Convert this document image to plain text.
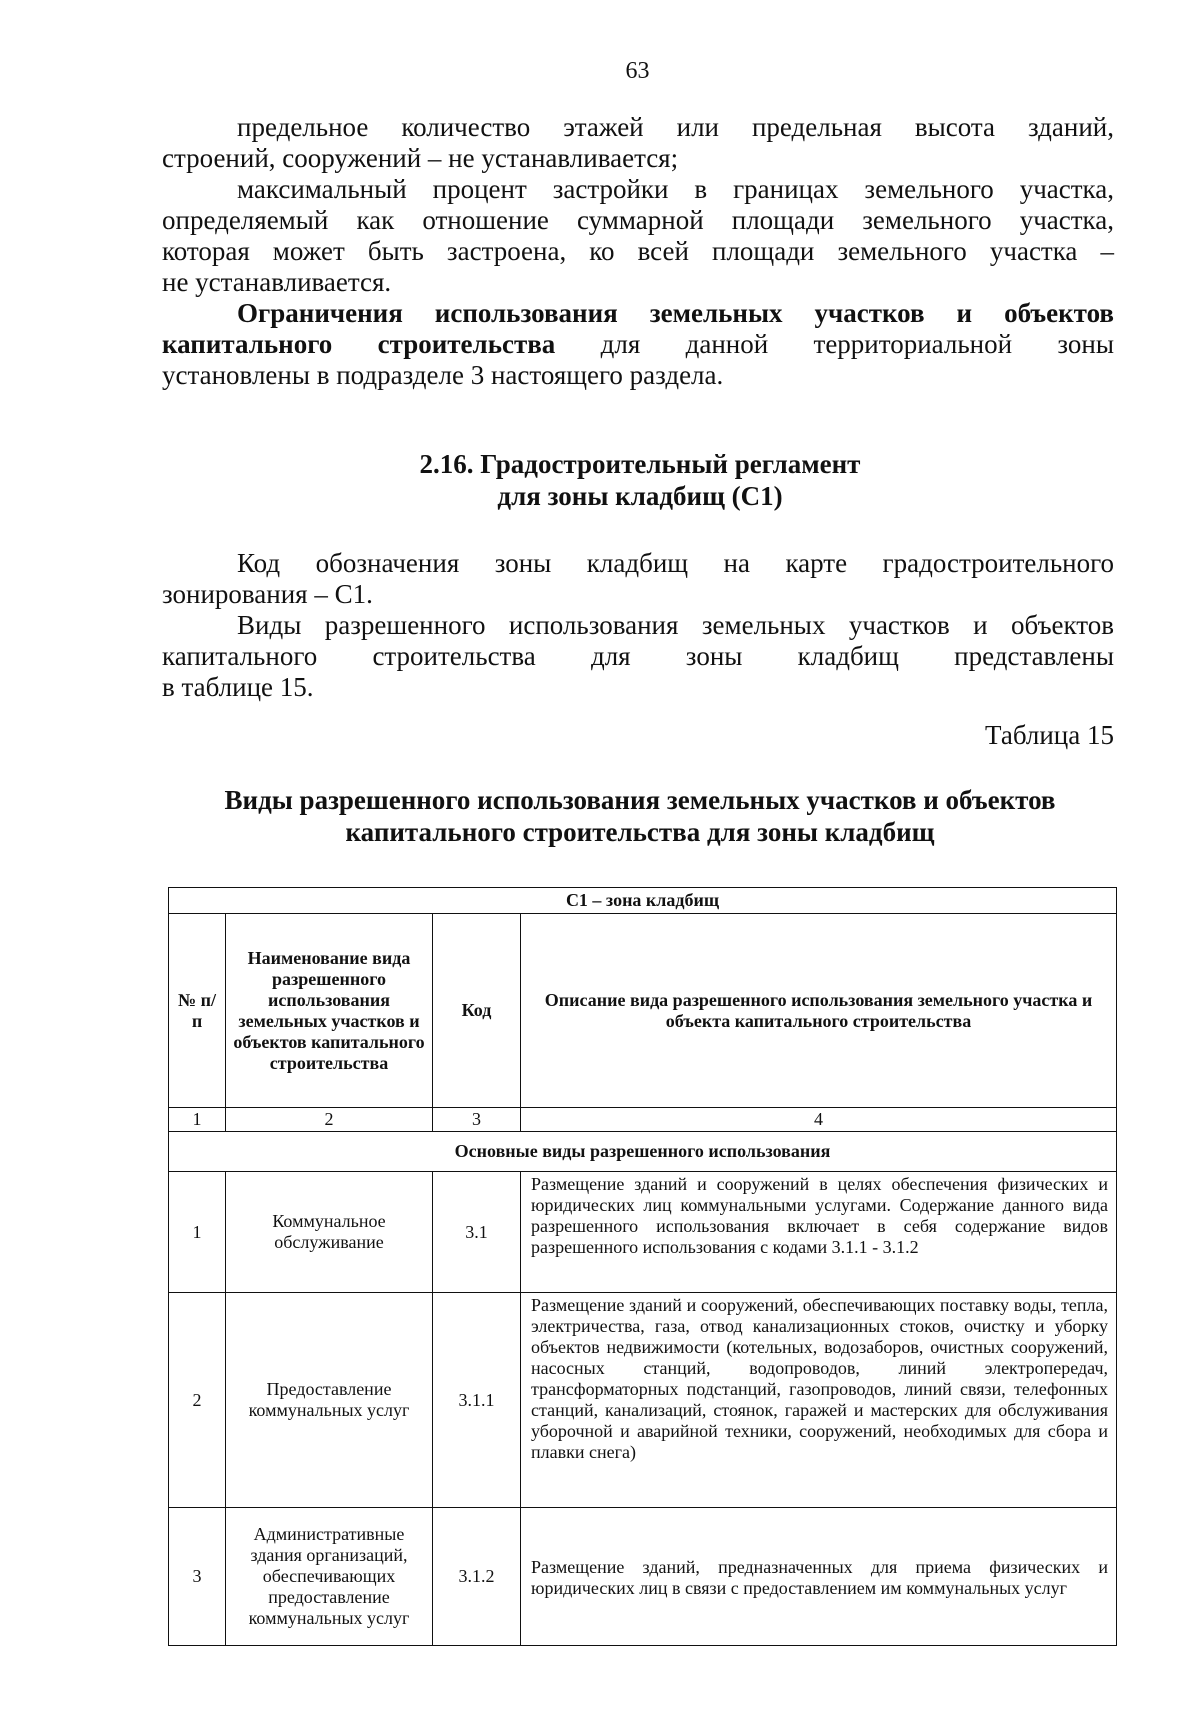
63

предельное количество этажей или предельная высота зданий,

строений, сооружений – не устанавливается;

максимальный процент застройки в границах земельного участка,

определяемый как отношение суммарной площади земельного участка,

которая может быть застроена, ко всей площади земельного участка –

не устанавливается.

Ограничения использования земельных участков и объектов

капитального строительства для данной территориальной зоны

установлены в подразделе 3 настоящего раздела.

2.16. Градостроительный регламент
для зоны кладбищ (С1)

Код обозначения зоны кладбищ на карте градостроительного

зонирования – С1.

Виды разрешенного использования земельных участков и объектов

капитального строительства для зоны кладбищ представлены

в таблице 15.

Таблица 15
Виды разрешенного использования земельных участков и объектов
капитального строительства для зоны кладбищ
С1 – зона кладбищ			
№ п/п	Наименование вида разрешенного использования земельных участков и объектов капитального строительства	Код	Описание вида разрешенного использования земельного участка и объекта капитального строительства
1	2	3	4
Основные виды разрешенного использования			
1	Коммунальное обслуживание	3.1	Размещение зданий и сооружений в целях обеспечения физических и юридических лиц коммунальными услугами. Содержание данного вида разрешенного использования включает в себя содержание видов разрешенного использования с кодами 3.1.1 - 3.1.2
2	Предоставление коммунальных услуг	3.1.1	Размещение зданий и сооружений, обеспечивающих поставку воды, тепла, электричества, газа, отвод канализационных стоков, очистку и уборку объектов недвижимости (котельных, водозаборов, очистных сооружений, насосных станций, водопроводов, линий электропередач, трансформаторных подстанций, газопроводов, линий связи, телефонных станций, канализаций, стоянок, гаражей и мастерских для обслуживания уборочной и аварийной техники, сооружений, необходимых для сбора и плавки снега)
3	Административные здания организаций, обеспечивающих предоставление коммунальных услуг	3.1.2	Размещение зданий, предназначенных для приема физических и юридических лиц в связи с предоставлением им коммунальных услуг
